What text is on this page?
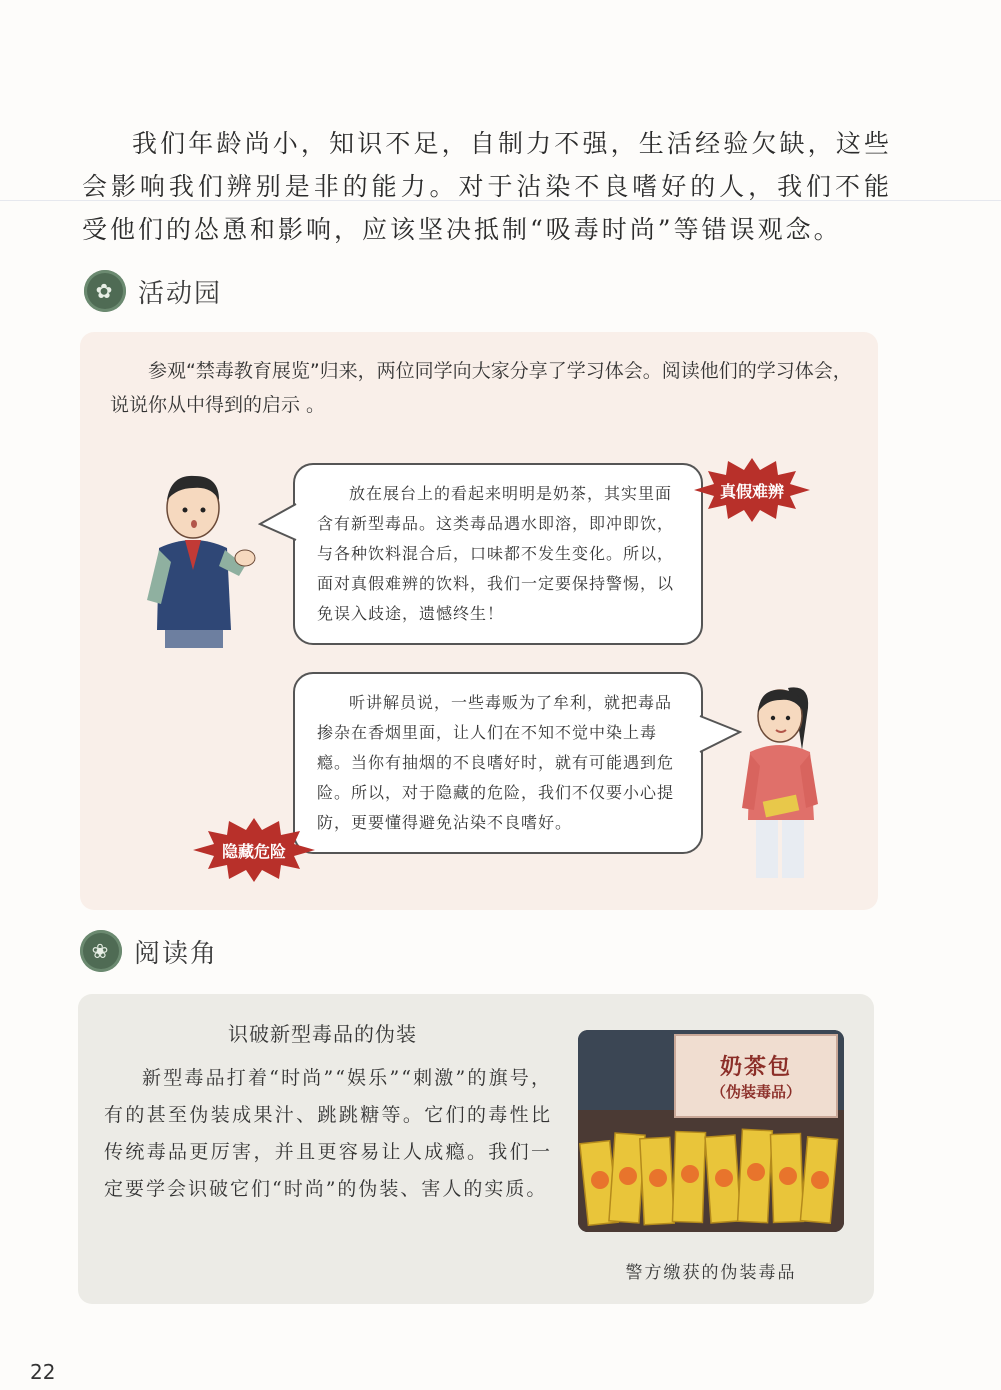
我们年龄尚小，知识不足，自制力不强，生活经验欠缺，这些会影响我们辨别是非的能力。对于沾染不良嗜好的人，我们不能受他们的怂恿和影响，应该坚决抵制“吸毒时尚”等错误观念。

✿ 活动园

参观“禁毒教育展览”归来，两位同学向大家分享了学习体会。阅读他们的学习体会，说说你从中得到的启示 。

放在展台上的看起来明明是奶茶，其实里面含有新型毒品。这类毒品遇水即溶，即冲即饮，与各种饮料混合后，口味都不发生变化。所以，面对真假难辨的饮料，我们一定要保持警惕，以免误入歧途，遗憾终生！

真假难辨

听讲解员说，一些毒贩为了牟利，就把毒品掺杂在香烟里面，让人们在不知不觉中染上毒瘾。当你有抽烟的不良嗜好时，就有可能遇到危险。所以，对于隐藏的危险，我们不仅要小心提防，更要懂得避免沾染不良嗜好。

隐藏危险
❀ 阅读角
识破新型毒品的伪装

新型毒品打着“时尚”“娱乐”“刺激”的旗号，有的甚至伪装成果汁、跳跳糖等。它们的毒性比传统毒品更厉害，并且更容易让人成瘾。我们一定要学会识破它们“时尚”的伪装、害人的实质。

奶茶包
（伪装毒品）
警方缴获的伪装毒品
22
